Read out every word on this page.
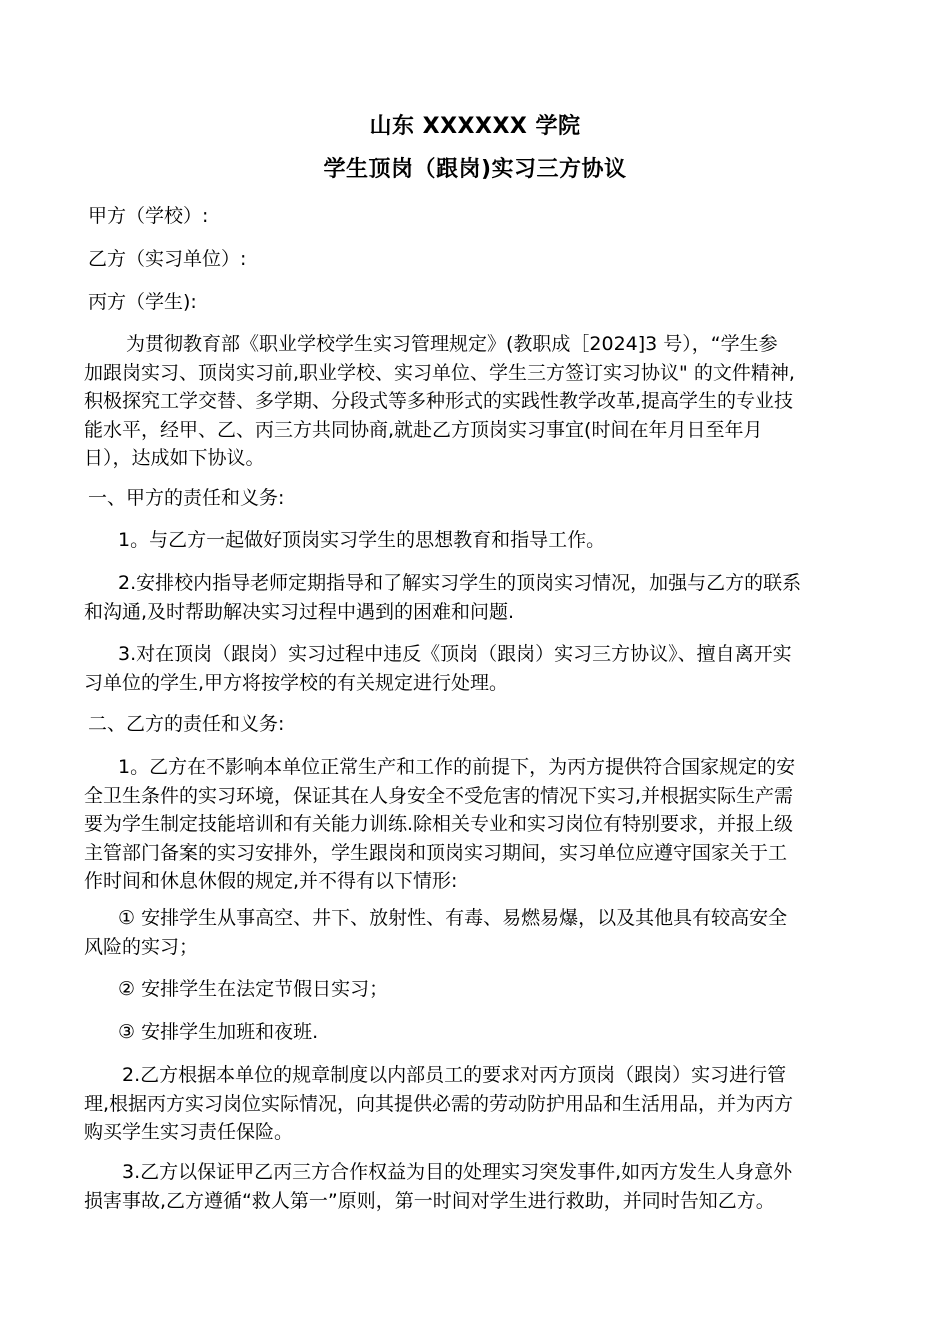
山东 XXXXXX 学院
学生顶岗（跟岗)实习三方协议
甲方（学校）:
乙方（实习单位）:
丙方（学生):
为贯彻教育部《职业学校学生实习管理规定》(教职成［2024]3 号），“学生参
加跟岗实习、顶岗实习前,职业学校、实习单位、学生三方签订实习协议" 的文件精神,
积极探究工学交替、多学期、分段式等多种形式的实践性教学改革,提高学生的专业技
能水平，经甲、乙、丙三方共同协商,就赴乙方顶岗实习事宜(时间在年月日至年月
日），达成如下协议。
一、甲方的责任和义务:
1。与乙方一起做好顶岗实习学生的思想教育和指导工作。
2.安排校内指导老师定期指导和了解实习学生的顶岗实习情况，加强与乙方的联系
和沟通,及时帮助解决实习过程中遇到的困难和问题.
3.对在顶岗（跟岗）实习过程中违反《顶岗（跟岗）实习三方协议》、擅自离开实
习单位的学生,甲方将按学校的有关规定进行处理。
二、乙方的责任和义务:
1。乙方在不影响本单位正常生产和工作的前提下，为丙方提供符合国家规定的安
全卫生条件的实习环境，保证其在人身安全不受危害的情况下实习,并根据实际生产需
要为学生制定技能培训和有关能力训练.除相关专业和实习岗位有特别要求，并报上级
主管部门备案的实习安排外，学生跟岗和顶岗实习期间，实习单位应遵守国家关于工
作时间和休息休假的规定,并不得有以下情形:
① 安排学生从事高空、井下、放射性、有毒、易燃易爆，以及其他具有较高安全
风险的实习；
② 安排学生在法定节假日实习；
③ 安排学生加班和夜班.
2.乙方根据本单位的规章制度以内部员工的要求对丙方顶岗（跟岗）实习进行管
理,根据丙方实习岗位实际情况，向其提供必需的劳动防护用品和生活用品，并为丙方
购买学生实习责任保险。
3.乙方以保证甲乙丙三方合作权益为目的处理实习突发事件,如丙方发生人身意外
损害事故,乙方遵循“救人第一”原则，第一时间对学生进行救助，并同时告知乙方。
